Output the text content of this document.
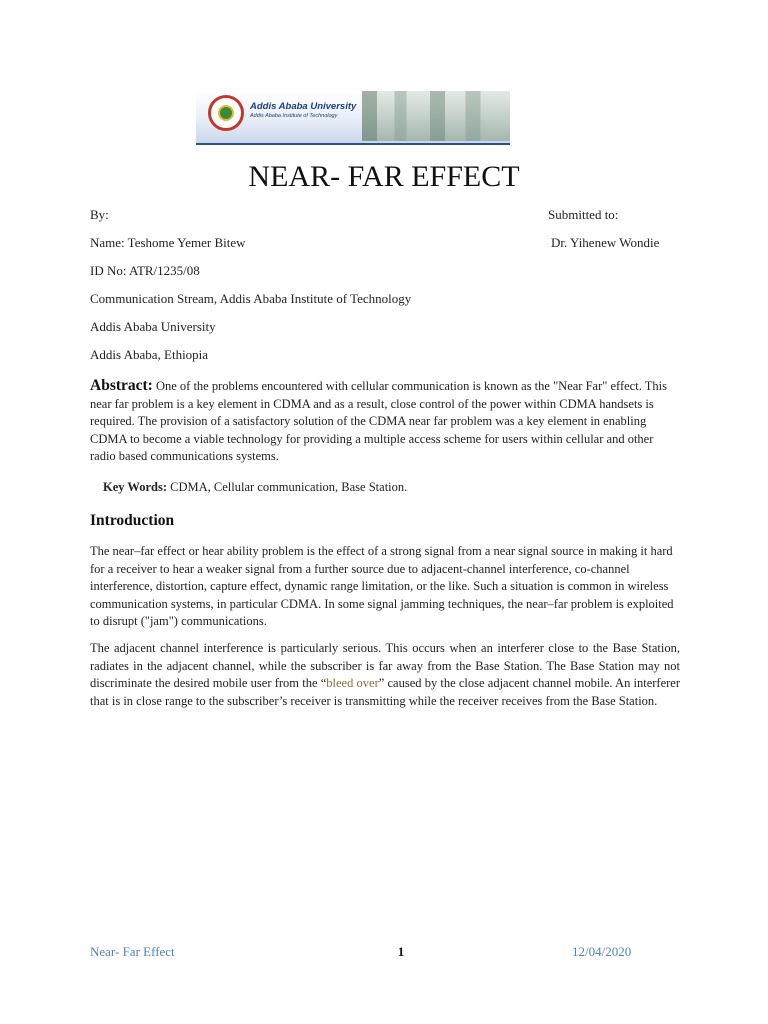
Addis Ababa University
Addis Ababa Institute of Technology
NEAR- FAR EFFECT

By:	Submitted to:

Name: Teshome Yemer Bitew	Dr. Yihenew Wondie

ID No: ATR/1235/08

Communication Stream, Addis Ababa Institute of Technology

Addis Ababa University

Addis Ababa, Ethiopia

Abstract: One of the problems encountered with cellular communication is known as the "Near Far" effect. This near far problem is a key element in CDMA and as a result, close control of the power within CDMA handsets is required. The provision of a satisfactory solution of the CDMA near far problem was a key element in enabling CDMA to become a viable technology for providing a multiple access scheme for users within cellular and other radio based communications systems.

Key Words: CDMA, Cellular communication, Base Station.

Introduction

The near–far effect or hear ability problem is the effect of a strong signal from a near signal source in making it hard for a receiver to hear a weaker signal from a further source due to adjacent-channel interference, co-channel interference, distortion, capture effect, dynamic range limitation, or the like. Such a situation is common in wireless communication systems, in particular CDMA. In some signal jamming techniques, the near–far problem is exploited to disrupt ("jam") communications.

The adjacent channel interference is particularly serious. This occurs when an interferer close to the Base Station, radiates in the adjacent channel, while the subscriber is far away from the Base Station. The Base Station may not discriminate the desired mobile user from the “bleed over” caused by the close adjacent channel mobile. An interferer that is in close range to the subscriber’s receiver is transmitting while the receiver receives from the Base Station.

Near- Far Effect	1	12/04/2020
